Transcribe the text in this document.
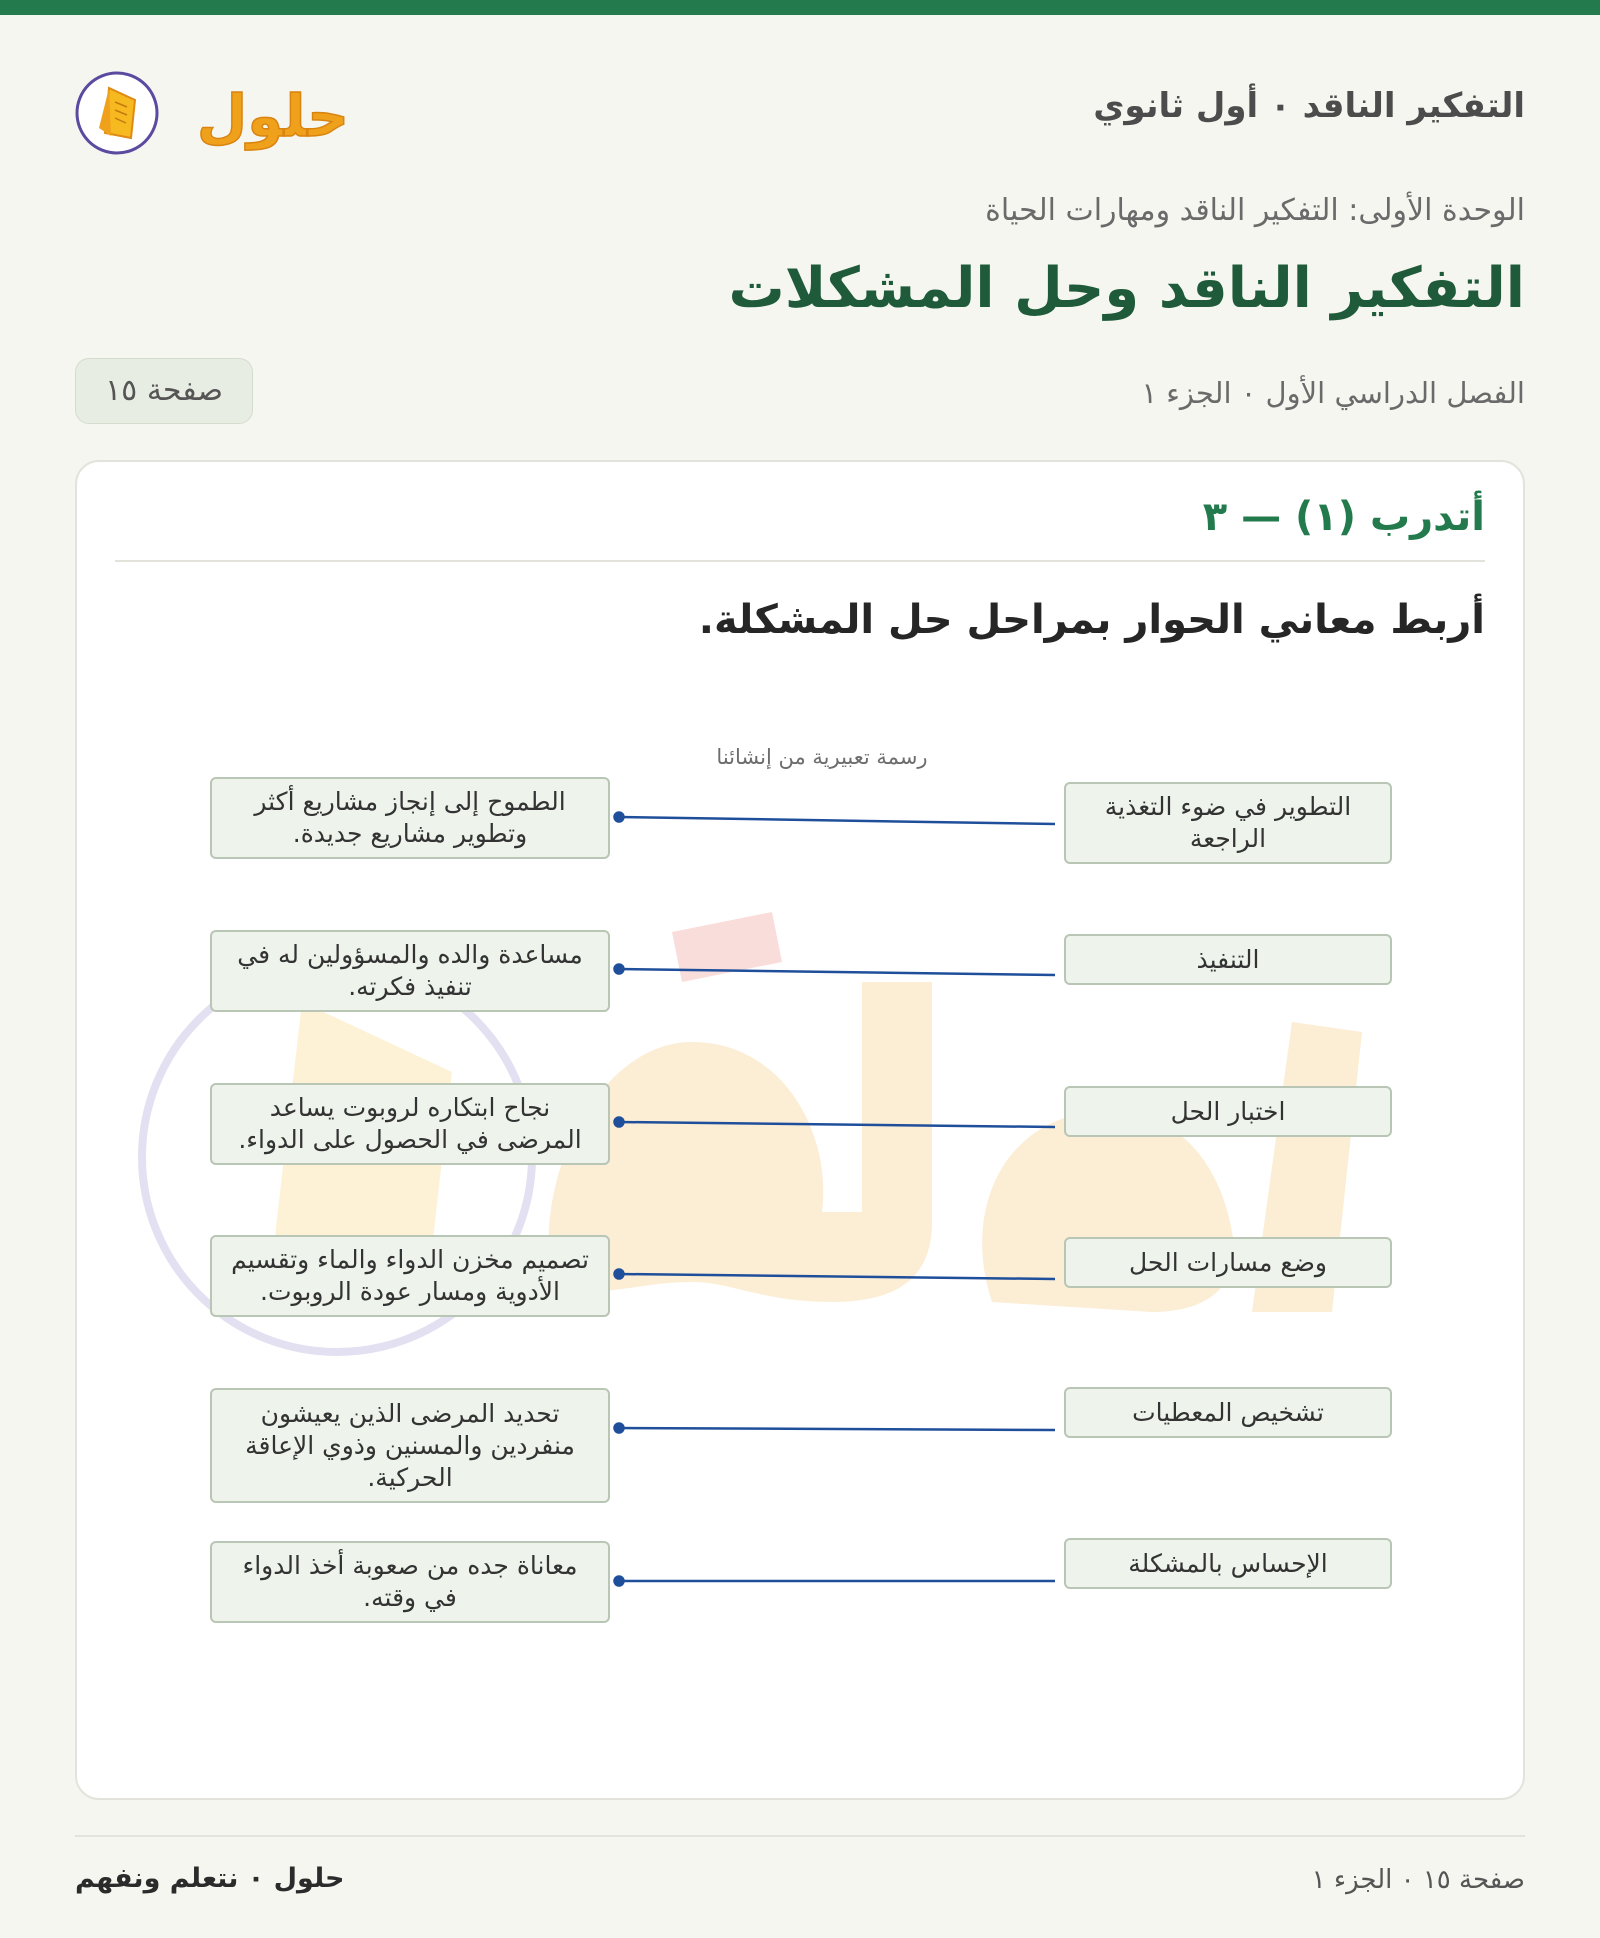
التفكير الناقد ٠ أول ثانوي
حلول
الوحدة الأولى: التفكير الناقد ومهارات الحياة
التفكير الناقد وحل المشكلات
الفصل الدراسي الأول ٠ الجزء ١
صفحة ١٥
أتدرب (١) — ٣
أربط معاني الحوار بمراحل حل المشكلة.
رسمة تعبيرية من إنشائنا
التطوير في ضوء التغذية الراجعة
التنفيذ
اختبار الحل
وضع مسارات الحل
تشخيص المعطيات
الإحساس بالمشكلة
الطموح إلى إنجاز مشاريع أكثر وتطوير مشاريع جديدة.
مساعدة والده والمسؤولين له في تنفيذ فكرته.
نجاح ابتكاره لروبوت يساعد المرضى في الحصول على الدواء.
تصميم مخزن الدواء والماء وتقسيم الأدوية ومسار عودة الروبوت.
تحديد المرضى الذين يعيشون منفردين والمسنين وذوي الإعاقة الحركية.
معاناة جده من صعوبة أخذ الدواء في وقته.
حلول ٠ نتعلم ونفهم	صفحة ١٥ ٠ الجزء ١
